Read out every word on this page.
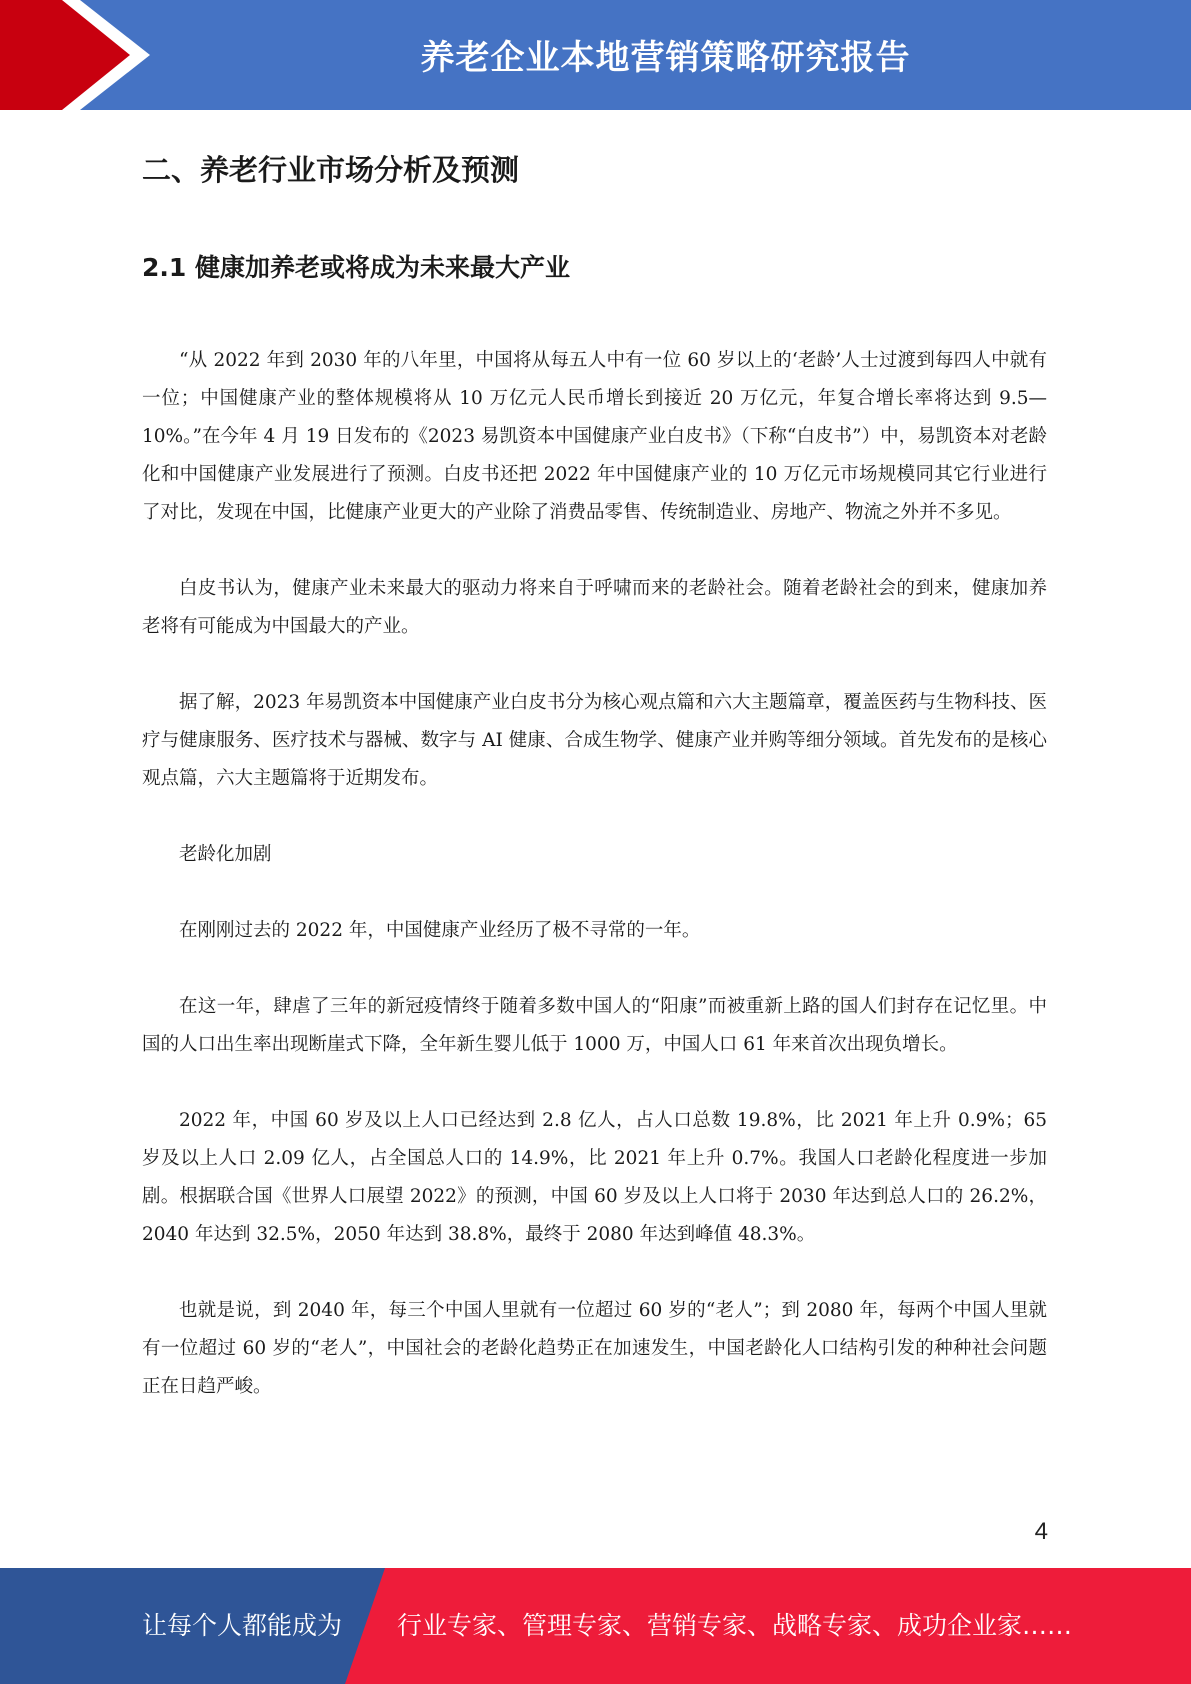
养老企业本地营销策略研究报告
二、养老行业市场分析及预测
2.1 健康加养老或将成为未来最大产业

“从 2022 年到 2030 年的八年里，中国将从每五人中有一位 60 岁以上的‘老龄’人士过渡到每四人中就有一位；中国健康产业的整体规模将从 10 万亿元人民币增长到接近 20 万亿元，年复合增长率将达到 9.5—10%。”在今年 4 月 19 日发布的《2023 易凯资本中国健康产业白皮书》（下称“白皮书”）中，易凯资本对老龄化和中国健康产业发展进行了预测。白皮书还把 2022 年中国健康产业的 10 万亿元市场规模同其它行业进行了对比，发现在中国，比健康产业更大的产业除了消费品零售、传统制造业、房地产、物流之外并不多见。

白皮书认为，健康产业未来最大的驱动力将来自于呼啸而来的老龄社会。随着老龄社会的到来，健康加养老将有可能成为中国最大的产业。

据了解，2023 年易凯资本中国健康产业白皮书分为核心观点篇和六大主题篇章，覆盖医药与生物科技、医疗与健康服务、医疗技术与器械、数字与 AI 健康、合成生物学、健康产业并购等细分领域。首先发布的是核心观点篇，六大主题篇将于近期发布。

老龄化加剧

在刚刚过去的 2022 年，中国健康产业经历了极不寻常的一年。

在这一年，肆虐了三年的新冠疫情终于随着多数中国人的“阳康”而被重新上路的国人们封存在记忆里。中国的人口出生率出现断崖式下降，全年新生婴儿低于 1000 万，中国人口 61 年来首次出现负增长。

2022 年，中国 60 岁及以上人口已经达到 2.8 亿人，占人口总数 19.8%，比 2021 年上升 0.9%；65 岁及以上人口 2.09 亿人，占全国总人口的 14.9%，比 2021 年上升 0.7%。我国人口老龄化程度进一步加剧。根据联合国《世界人口展望 2022》的预测，中国 60 岁及以上人口将于 2030 年达到总人口的 26.2%，2040 年达到 32.5%，2050 年达到 38.8%，最终于 2080 年达到峰值 48.3%。

也就是说，到 2040 年，每三个中国人里就有一位超过 60 岁的“老人”；到 2080 年，每两个中国人里就有一位超过 60 岁的“老人”，中国社会的老龄化趋势正在加速发生，中国老龄化人口结构引发的种种社会问题正在日趋严峻。

4
让每个人都能成为 行业专家、管理专家、营销专家、战略专家、成功企业家……
